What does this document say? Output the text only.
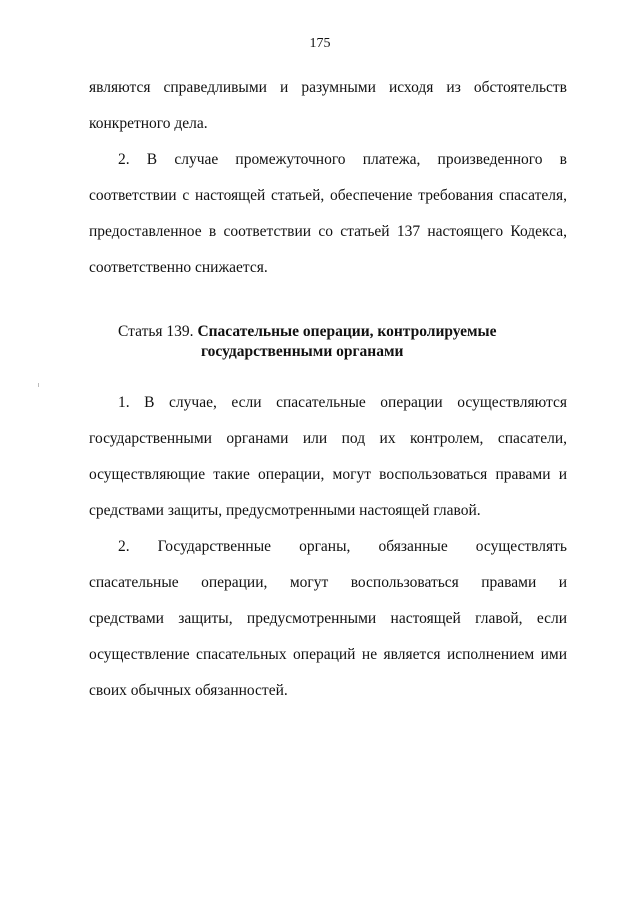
175
являются справедливыми и разумными исходя из обстоятельств
конкретного дела.
2. В случае промежуточного платежа, произведенного в
соответствии с настоящей статьей, обеспечение требования спасателя,
предоставленное в соответствии со статьей 137 настоящего Кодекса,
соответственно снижается.
Статья 139. Спасательные операции, контролируемые
государственными органами
1. В случае, если спасательные операции осуществляются
государственными органами или под их контролем, спасатели,
осуществляющие такие операции, могут воспользоваться правами и
средствами защиты, предусмотренными настоящей главой.
2. Государственные органы, обязанные осуществлять
спасательные операции, могут воспользоваться правами и
средствами защиты, предусмотренными настоящей главой, если
осуществление спасательных операций не является исполнением ими
своих обычных обязанностей.
